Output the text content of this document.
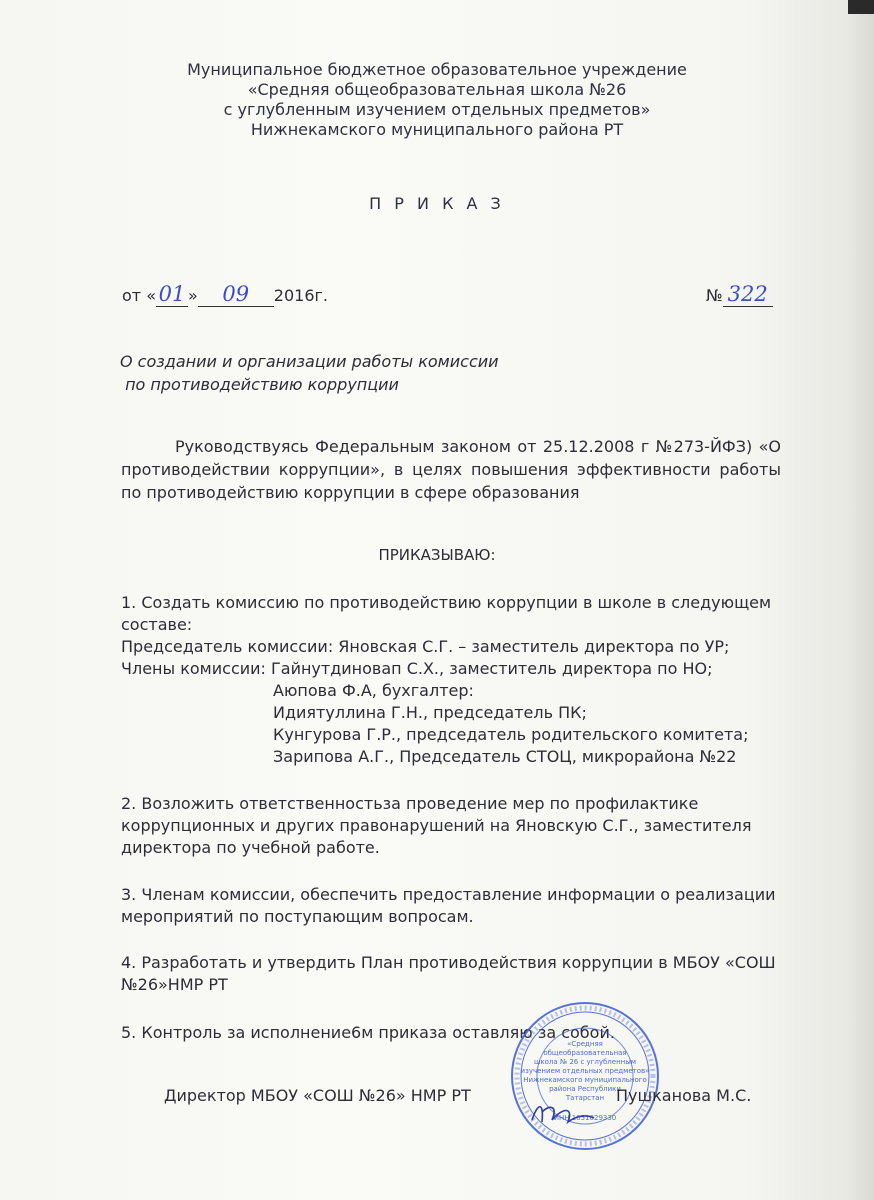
Муниципальное бюджетное образовательное учреждение
«Средняя общеобразовательная школа №26
с углубленным изучением отдельных предметов»
Нижнекамского муниципального района РТ
П Р И К А З
от « 01 » 09 2016г.	№ 322
О создании и организации работы комиссии
по противодействию коррупции
Руководствуясь Федеральным законом от 25.12.2008 г №273-ЙФЗ) «О противодействии коррупции», в целях повышения эффективности работы по противодействию коррупции в сфере образования
ПРИКАЗЫВАЮ:
1. Создать комиссию по противодействию коррупции в школе в следующем
составе:
Председатель комиссии: Яновская С.Г. – заместитель директора по УР;
Члены комиссии: Гайнутдиновап С.Х., заместитель директора по НО;
Аюпова Ф.А, бухгалтер:
Идиятуллина Г.Н., председатель ПК;
Кунгурова Г.Р., председатель родительского комитета;
Зарипова А.Г., Председатель СТОЦ, микрорайона №22
2. Возложить ответственностьза проведение мер по профилактике
коррупционных и других правонарушений на Яновскую С.Г., заместителя
директора по учебной работе.
3. Членам комиссии, обеспечить предоставление информации о реализации
мероприятий по поступающим вопросам.
4. Разработать и утвердить План противодействия коррупции в МБОУ «СОШ
№26»НМР РТ
5. Контроль за исполнение6м приказа оставляю за собой.
«Средняя
общеобразовательная
школа № 26 с углубленным
изучением отдельных предметов»
Нижнекамского муниципального
района Республики
Татарстан
ИНН 1651029330
Директор МБОУ «СОШ №26» НМР РТ	Пушканова М.С.
